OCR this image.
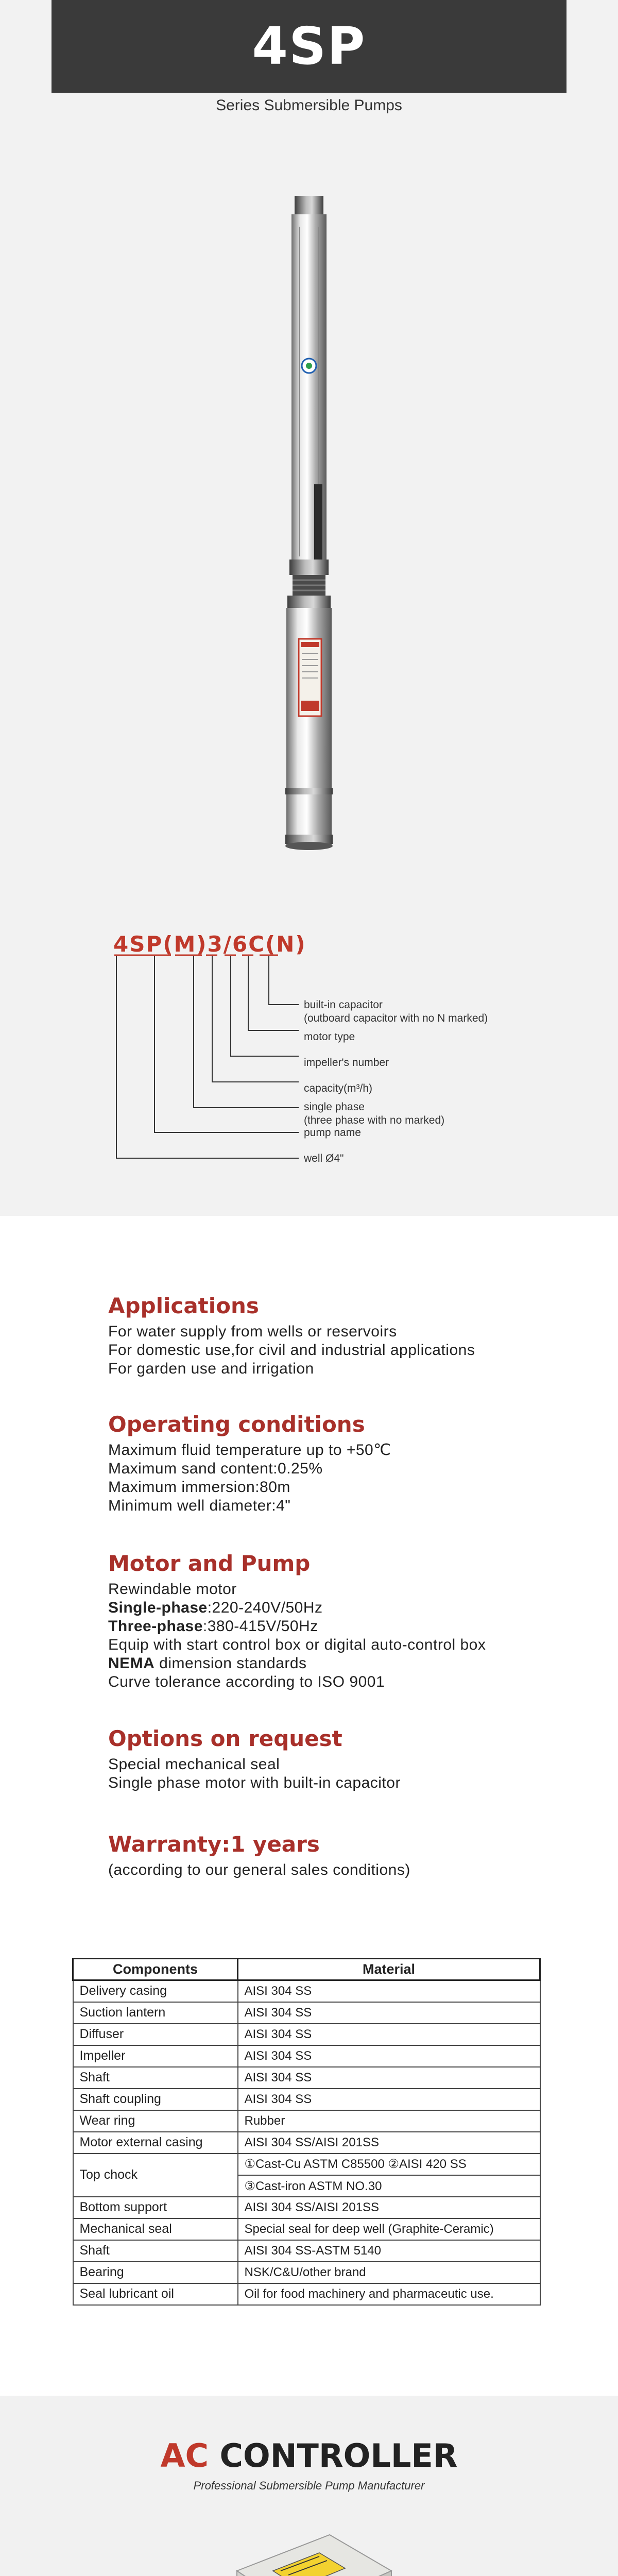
4SP
Series Submersible Pumps
4SP(M)3/6C(N)
built-in capacitor
(outboard capacitor with no N marked)
motor type
impeller's number
capacity(m³/h)
single phase
(three phase with no marked)
pump name
well Ø4"
Applications

For water supply from wells or reservoirs

For domestic use,for civil and industrial applications

For garden use and irrigation

Operating conditions

Maximum fluid temperature up to +50℃

Maximum sand content:0.25%

Maximum immersion:80m

Minimum well diameter:4"

Motor and Pump

Rewindable motor

Single-phase:220-240V/50Hz

Three-phase:380-415V/50Hz

Equip with start control box or digital auto-control box

NEMA dimension standards

Curve tolerance according to ISO 9001

Options on request

Special mechanical seal

Single phase motor with built-in capacitor

Warranty:1 years

(according to our general sales conditions)

Components	Material
Delivery casing	AISI 304 SS
Suction lantern	AISI 304 SS
Diffuser	AISI 304 SS
Impeller	AISI 304 SS
Shaft	AISI 304 SS
Shaft coupling	AISI 304 SS
Wear ring	Rubber
Motor external casing	AISI 304 SS/AISI 201SS
Top chock	①Cast-Cu ASTM C85500 ②AISI 420 SS
③Cast-iron ASTM NO.30

Bottom support	AISI 304 SS/AISI 201SS
Mechanical seal	Special seal for deep well (Graphite-Ceramic)
Shaft	AISI 304 SS-ASTM 5140
Bearing	NSK/C&U/other brand
Seal lubricant oil	Oil for food machinery and pharmaceutic use.
AC CONTROLLER
Professional Submersible Pump Manufacturer
